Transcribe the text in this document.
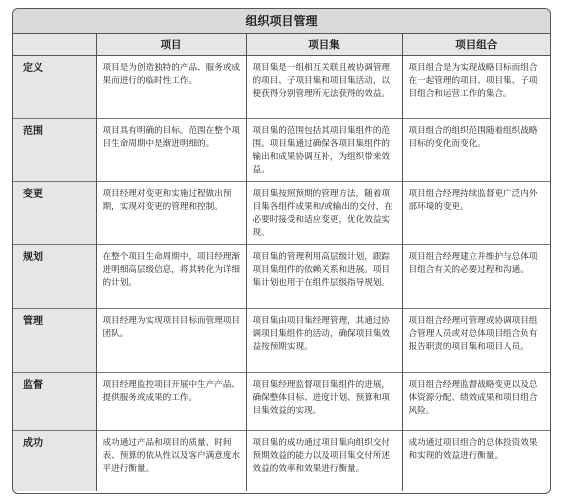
组织项目管理
	项目	项目集	项目组合
定义	项目是为创造独特的产品、服务或成果而进行的临时性工作。	项目集是一组相互关联且被协调管理的项目、子项目集和项目集活动，以便获得分别管理所无法获得的效益。	项目组合是为实现战略目标而组合在一起管理的项目、项目集、子项目组合和运营工作的集合。
范围	项目具有明确的目标。范围在整个项目生命周期中是渐进明细的。	项目集的范围包括其项目集组件的范围。项目集通过确保各项目集组件的输出和成果协调互补，为组织带来效益。	项目组合的组织范围随着组织战略目标的变化而变化。
变更	项目经理对变更和实施过程做出预期，实现对变更的管理和控制。	项目集按照预期的管理方法，随着项目集各组件成果和/或输出的交付，在必要时接受和适应变更，优化效益实现。	项目组合经理持续监督更广泛内外部环境的变更。
规划	在整个项目生命周期中，项目经理渐进明细高层级信息，将其转化为详细的计划。	项目集的管理利用高层级计划，跟踪项目集组件的依赖关系和进展。项目集计划也用于在组件层级指导规划。	项目组合经理建立并维护与总体项目组合有关的必要过程和沟通。
管理	项目经理为实现项目目标而管理项目团队。	项目集由项目集经理管理，其通过协调项目集组件的活动，确保项目集效益按预期实现。	项目组合经理可管理或协调项目组合管理人员或对总体项目组合负有报告职责的项目集和项目人员。
监督	项目经理监控项目开展中生产产品、提供服务或成果的工作。	项目集经理监督项目集组件的进展，确保整体目标、进度计划、预算和项目集效益的实现。	项目组合经理监督战略变更以及总体资源分配、绩效成果和项目组合风险。
成功	成功通过产品和项目的质量、时间表、预算的依从性以及客户满意度水平进行衡量。	项目集的成功通过项目集向组织交付预期效益的能力以及项目集交付所述效益的效率和效果进行衡量。	成功通过项目组合的总体投资效果和实现的效益进行衡量。
